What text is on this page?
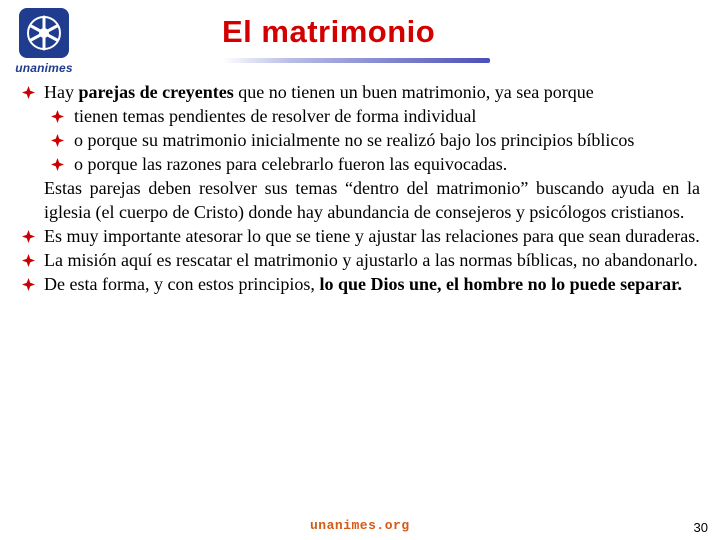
unanimes
El matrimonio
Hay parejas de creyentes que no tienen un buen matrimonio, ya sea porque
tienen temas pendientes de resolver de forma individual
o porque su matrimonio inicialmente no se realizó bajo los principios bíblicos
o porque las razones para celebrarlo fueron las equivocadas.
Estas parejas deben resolver sus temas “dentro del matrimonio” buscando ayuda en la iglesia (el cuerpo de Cristo) donde hay abundancia de consejeros y psicólogos cristianos.
Es muy importante atesorar lo que se tiene y ajustar las relaciones para que sean duraderas.
La misión aquí es rescatar el matrimonio y ajustarlo a las normas bíblicas, no abandonarlo.
De esta forma, y con estos principios, lo que Dios une, el hombre no lo puede separar.
unanimes.org	30
